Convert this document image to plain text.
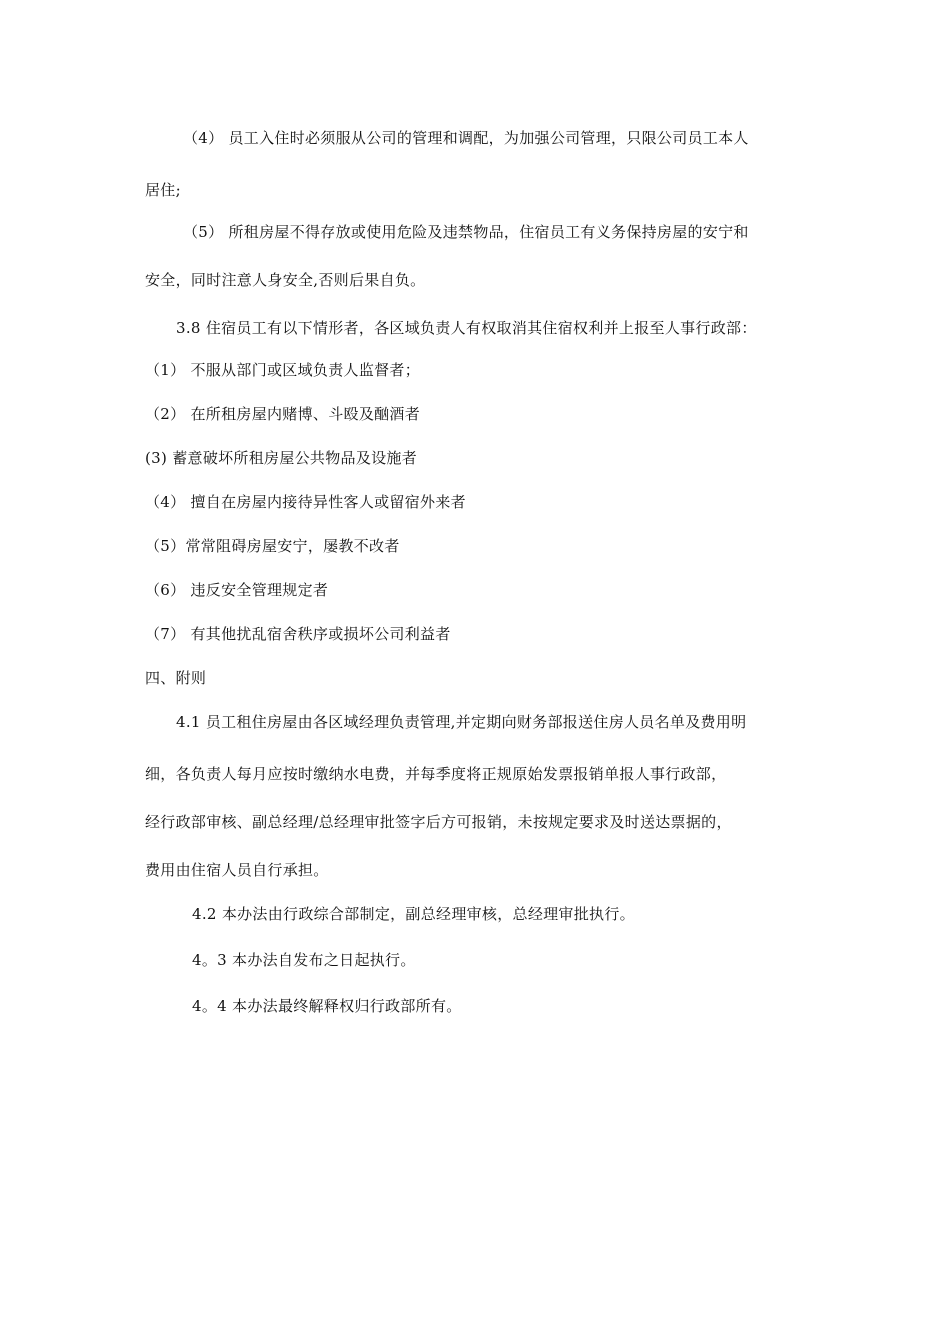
（4） 员工入住时必须服从公司的管理和调配，为加强公司管理，只限公司员工本人
居住;
（5） 所租房屋不得存放或使用危险及违禁物品，住宿员工有义务保持房屋的安宁和
安全，同时注意人身安全,否则后果自负。
3.8 住宿员工有以下情形者，各区域负责人有权取消其住宿权利并上报至人事行政部：
（1） 不服从部门或区域负责人监督者；
（2） 在所租房屋内赌博、斗殴及酗酒者
(3) 蓄意破坏所租房屋公共物品及设施者
（4） 擅自在房屋内接待异性客人或留宿外来者
（5）常常阻碍房屋安宁，屡教不改者
（6） 违反安全管理规定者
（7） 有其他扰乱宿舍秩序或损坏公司利益者
四、附则
4.1 员工租住房屋由各区域经理负责管理,并定期向财务部报送住房人员名单及费用明
细，各负责人每月应按时缴纳水电费，并每季度将正规原始发票报销单报人事行政部，
经行政部审核、副总经理/总经理审批签字后方可报销，未按规定要求及时送达票据的，
费用由住宿人员自行承担。
4.2 本办法由行政综合部制定，副总经理审核，总经理审批执行。
4。3 本办法自发布之日起执行。
4。4 本办法最终解释权归行政部所有。
